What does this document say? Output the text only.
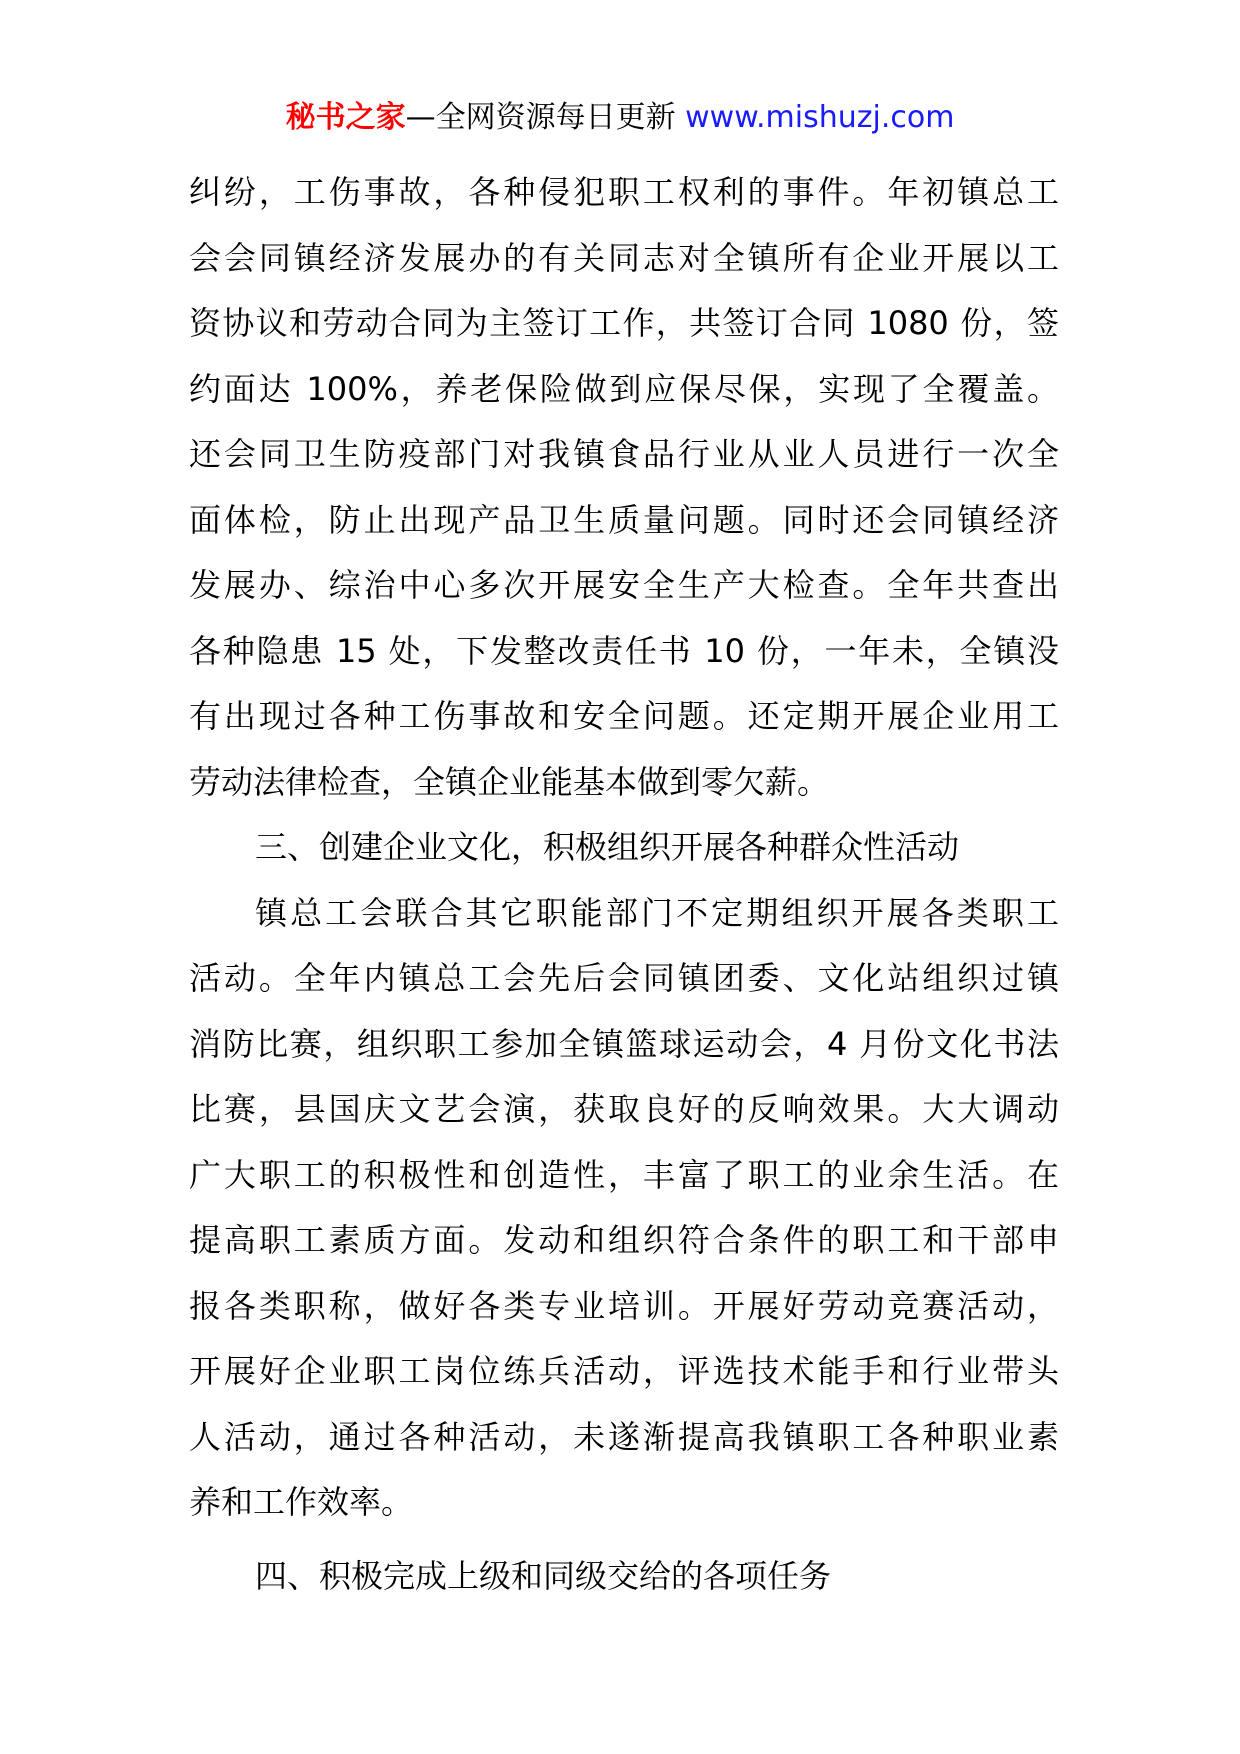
秘书之家—全网资源每日更新 www.mishuzj.com
纠纷，工伤事故，各种侵犯职工权利的事件。年初镇总工
会会同镇经济发展办的有关同志对全镇所有企业开展以工
资协议和劳动合同为主签订工作，共签订合同 1080 份，签
约面达 100%，养老保险做到应保尽保，实现了全覆盖。
还会同卫生防疫部门对我镇食品行业从业人员进行一次全
面体检，防止出现产品卫生质量问题。同时还会同镇经济
发展办、综治中心多次开展安全生产大检查。全年共查出
各种隐患 15 处，下发整改责任书 10 份，一年未，全镇没
有出现过各种工伤事故和安全问题。还定期开展企业用工
劳动法律检查，全镇企业能基本做到零欠薪。
三、创建企业文化，积极组织开展各种群众性活动
镇总工会联合其它职能部门不定期组织开展各类职工
活动。全年内镇总工会先后会同镇团委、文化站组织过镇
消防比赛，组织职工参加全镇篮球运动会，4 月份文化书法
比赛，县国庆文艺会演，获取良好的反响效果。大大调动
广大职工的积极性和创造性，丰富了职工的业余生活。在
提高职工素质方面。发动和组织符合条件的职工和干部申
报各类职称，做好各类专业培训。开展好劳动竞赛活动，
开展好企业职工岗位练兵活动，评选技术能手和行业带头
人活动，通过各种活动，未遂渐提高我镇职工各种职业素
养和工作效率。
四、积极完成上级和同级交给的各项任务
